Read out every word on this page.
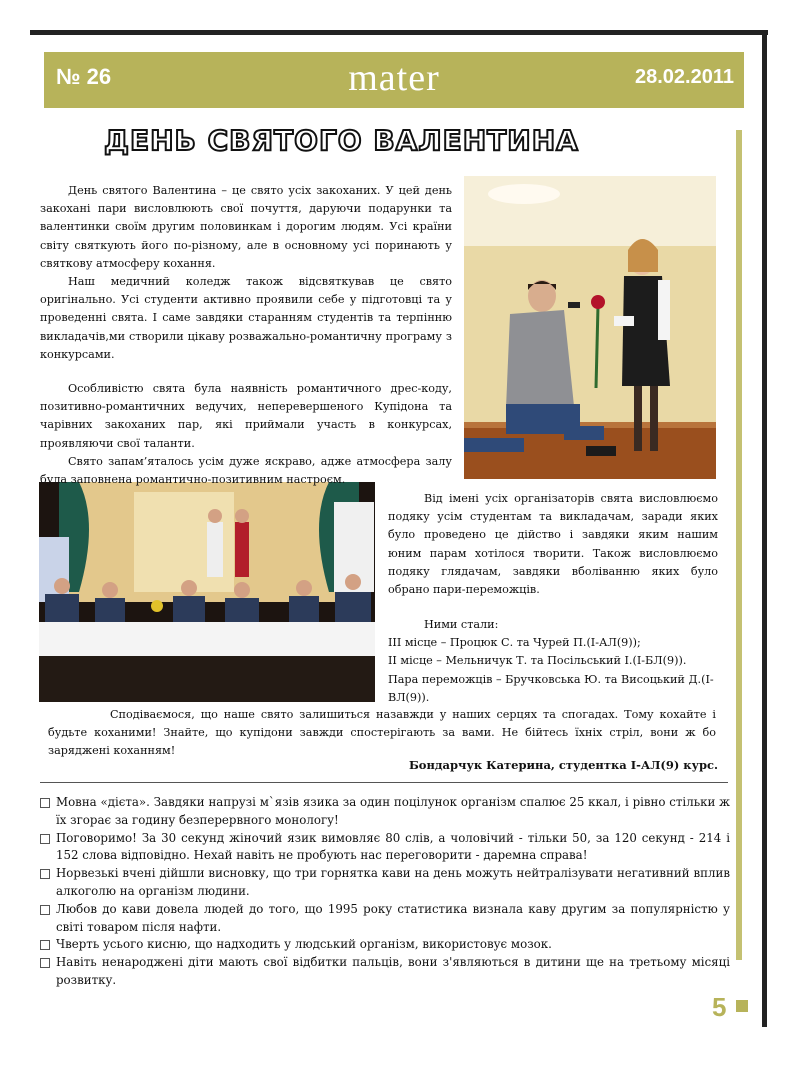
№ 26	mater	28.02.2011
ДЕНЬ СВЯТОГО ВАЛЕНТИНА

День святого Валентина – це свято усіх закоханих. У цей день закохані пари висловлюють свої почуття, даруючи подарунки та валентинки своїм другим половинкам і дорогим людям. Усі країни світу святкують його по-різному, але в основному усі поринають у святкову атмосферу кохання.

Наш медичний коледж також відсвяткував це свято оригінально. Усі студенти активно проявили себе у підготовці та у проведенні свята. І саме завдяки старанням студентів та терпінню викладачів,ми створили цікаву розважально-романтичну програму з конкурсами.

Особливістю свята була наявність романтичного дрес-коду, позитивно-романтичних ведучих, неперевершеного Купідона та чарівних закоханих пар, які приймали участь в конкурсах, проявляючи свої таланти.

Свято запам’яталось усім дуже яскраво, адже атмосфера залу була заповнена романтично-позитивним настроєм.

Від імені усіх організаторів свята висловлюємо подяку усім студентам та викладачам, заради яких було проведено це дійство і завдяки яким нашим юним парам хотілося творити. Також висловлюємо подяку глядачам, завдяки вболіванню яких було обрано пари-переможців.

Ними стали:
ІІІ місце – Процюк С. та Чурей П.(І-АЛ(9));
ІІ місце – Мельничук Т. та Посільський І.(І-БЛ(9)).
Пара переможців – Бручковська Ю. та Висоцький Д.(І-ВЛ(9)).
Сподіваємося, що наше свято залишиться назавжди у наших серцях та спогадах. Тому кохайте і будьте коханими! Знайте, що купідони завжди спостерігають за вами. Не бійтесь їхніх стріл, вони ж бо заряджені коханням!
Бондарчук Катерина, студентка І-АЛ(9) курс.
Мовна «дієта». Завдяки напрузі м`язів язика за один поцілунок організм спалює 25 ккал, і рівно стільки ж їх згорає за годину безперервного монологу!
Поговоримо! За 30 секунд жіночий язик вимовляє 80 слів, а чоловічий - тільки 50, за 120 секунд - 214 і 152 слова відповідно. Нехай навіть не пробують нас переговорити - даремна справа!
Норвезькі вчені дійшли висновку, що три горнятка кави на день можуть нейтралізувати негативний вплив алкоголю на організм людини.
Любов до кави довела людей до того, що 1995 року статистика визнала каву другим за популярністю у світі товаром після нафти.
Чверть усього кисню, що надходить у людський організм, використовує мозок.
Навіть ненароджені діти мають свої відбитки пальців, вони з'являються в дитини ще на третьому місяці розвитку.
5
